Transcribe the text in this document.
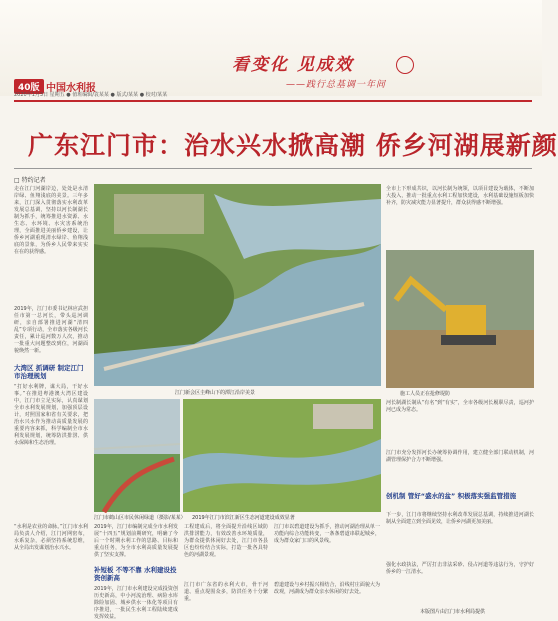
40版 中国水利报
2020年1月3日 星期五 ● 值班编辑/袁某某 ● 版式/某某 ● 校对/某某
看变化 见成效
——践行总基调一年间
广东江门市：治水兴水掀高潮 侨乡河湖展新颜
□ 特约记者
走在江门河湖岸边，处处是水清岸绿、鱼翔浅底的美景。三年多来，江门深入贯彻落实水利改革发展总基调，坚持以河长制湖长制为抓手，统筹推进水资源、水生态、水环境、水灾害系统治理，全面推进美丽侨乡建设，让侨乡河湖重现清水绿岸、鱼翔浅底的景象，为侨乡人民带来实实在在的获得感。
2019年，江门市委书记林应武担任市第一总河长，带头巡河调研，亲自部署推进河湖“清四乱”专项行动，全市落实各级河长责任，累计巡河数万人次，推动一批重大问题整改到位，河湖面貌焕然一新。
大湾区 抓调研 制定江门市治理规划
“打好水利牌，谋大局，干好水事。”在推进粤港澳大湾区建设中，江门市立足实际，认真谋划全市水利发展规划，加强顶层设计，对照国家和省有关要求，把治水兴水作为推动高质量发展的重要内容来抓，科学编制全市水利发展规划，统筹防洪排涝、供水保障和生态治理。
“水利是农业的命脉。”江门市水利局负责人介绍，江门河网密布，水系复杂，必须坚持系统思维，从全局出发谋划治水兴水。
江门新会区圭峰山下的潭江沿岸美景
江门市鹤山区市民休闲绿道（摄影/某某） 2019年江门市滨江新区生态河道建设成效显著
2019年，江门市编制完成全市水利发展“十四五”规划前期研究，明确了今后一个时期水利工作的思路、目标和重点任务，为全市水利高质量发展提供了坚实支撑。
补短板 不等不靠 水利建设投资创新高
2019年，江门市水利建设完成投资创历史新高，中小河流治理、病险水库除险加固、城乡供水一体化等项目有序推进，一批民生水利工程陆续建成发挥效益。
工程建成后，将全面提升沿线区域防洪排涝能力，有效改善水环境质量，为群众提供休闲好去处，江门市各县区也纷纷结合实际，打造一批各具特色的河湖景观。
江门市广东省的水利大市，骨干河道、重点堤围众多，防洪任务十分繁重。
江门市以碧道建设为抓手，推动河湖治理从单一功能向综合功能转变，一条条碧道串联起城乡，成为群众家门口的风景线。
碧道建设与乡村振兴相结合，沿线村庄面貌大为改观，河湖成为群众亲水休闲的好去处。
全市上下形成共识，以河长制为统领，以项目建设为载体，不断加大投入，推动一批重点水利工程加快建设，水利基础设施短板加快补齐，防灾减灾能力显著提升，群众获得感不断增强。
施工人员正在抢修堤防
河长制湖长制从“有名”到“有实”，全市各级河长履职尽责，巡河护河已成为常态。
江门市充分发挥河长办统筹协调作用，建立健全部门联动机制，河湖管理保护合力不断增强。
创机制 管好“盛水的盆” 积极落实强监管措施
下一步，江门市将继续坚持水利改革发展总基调，持续推进河湖长制从全面建立到全面见效，让侨乡河湖更加美丽。
强化水政执法，严厉打击非法采砂、侵占河道等违法行为，守护好侨乡的一江清水。
本版图片由江门市水利局提供
